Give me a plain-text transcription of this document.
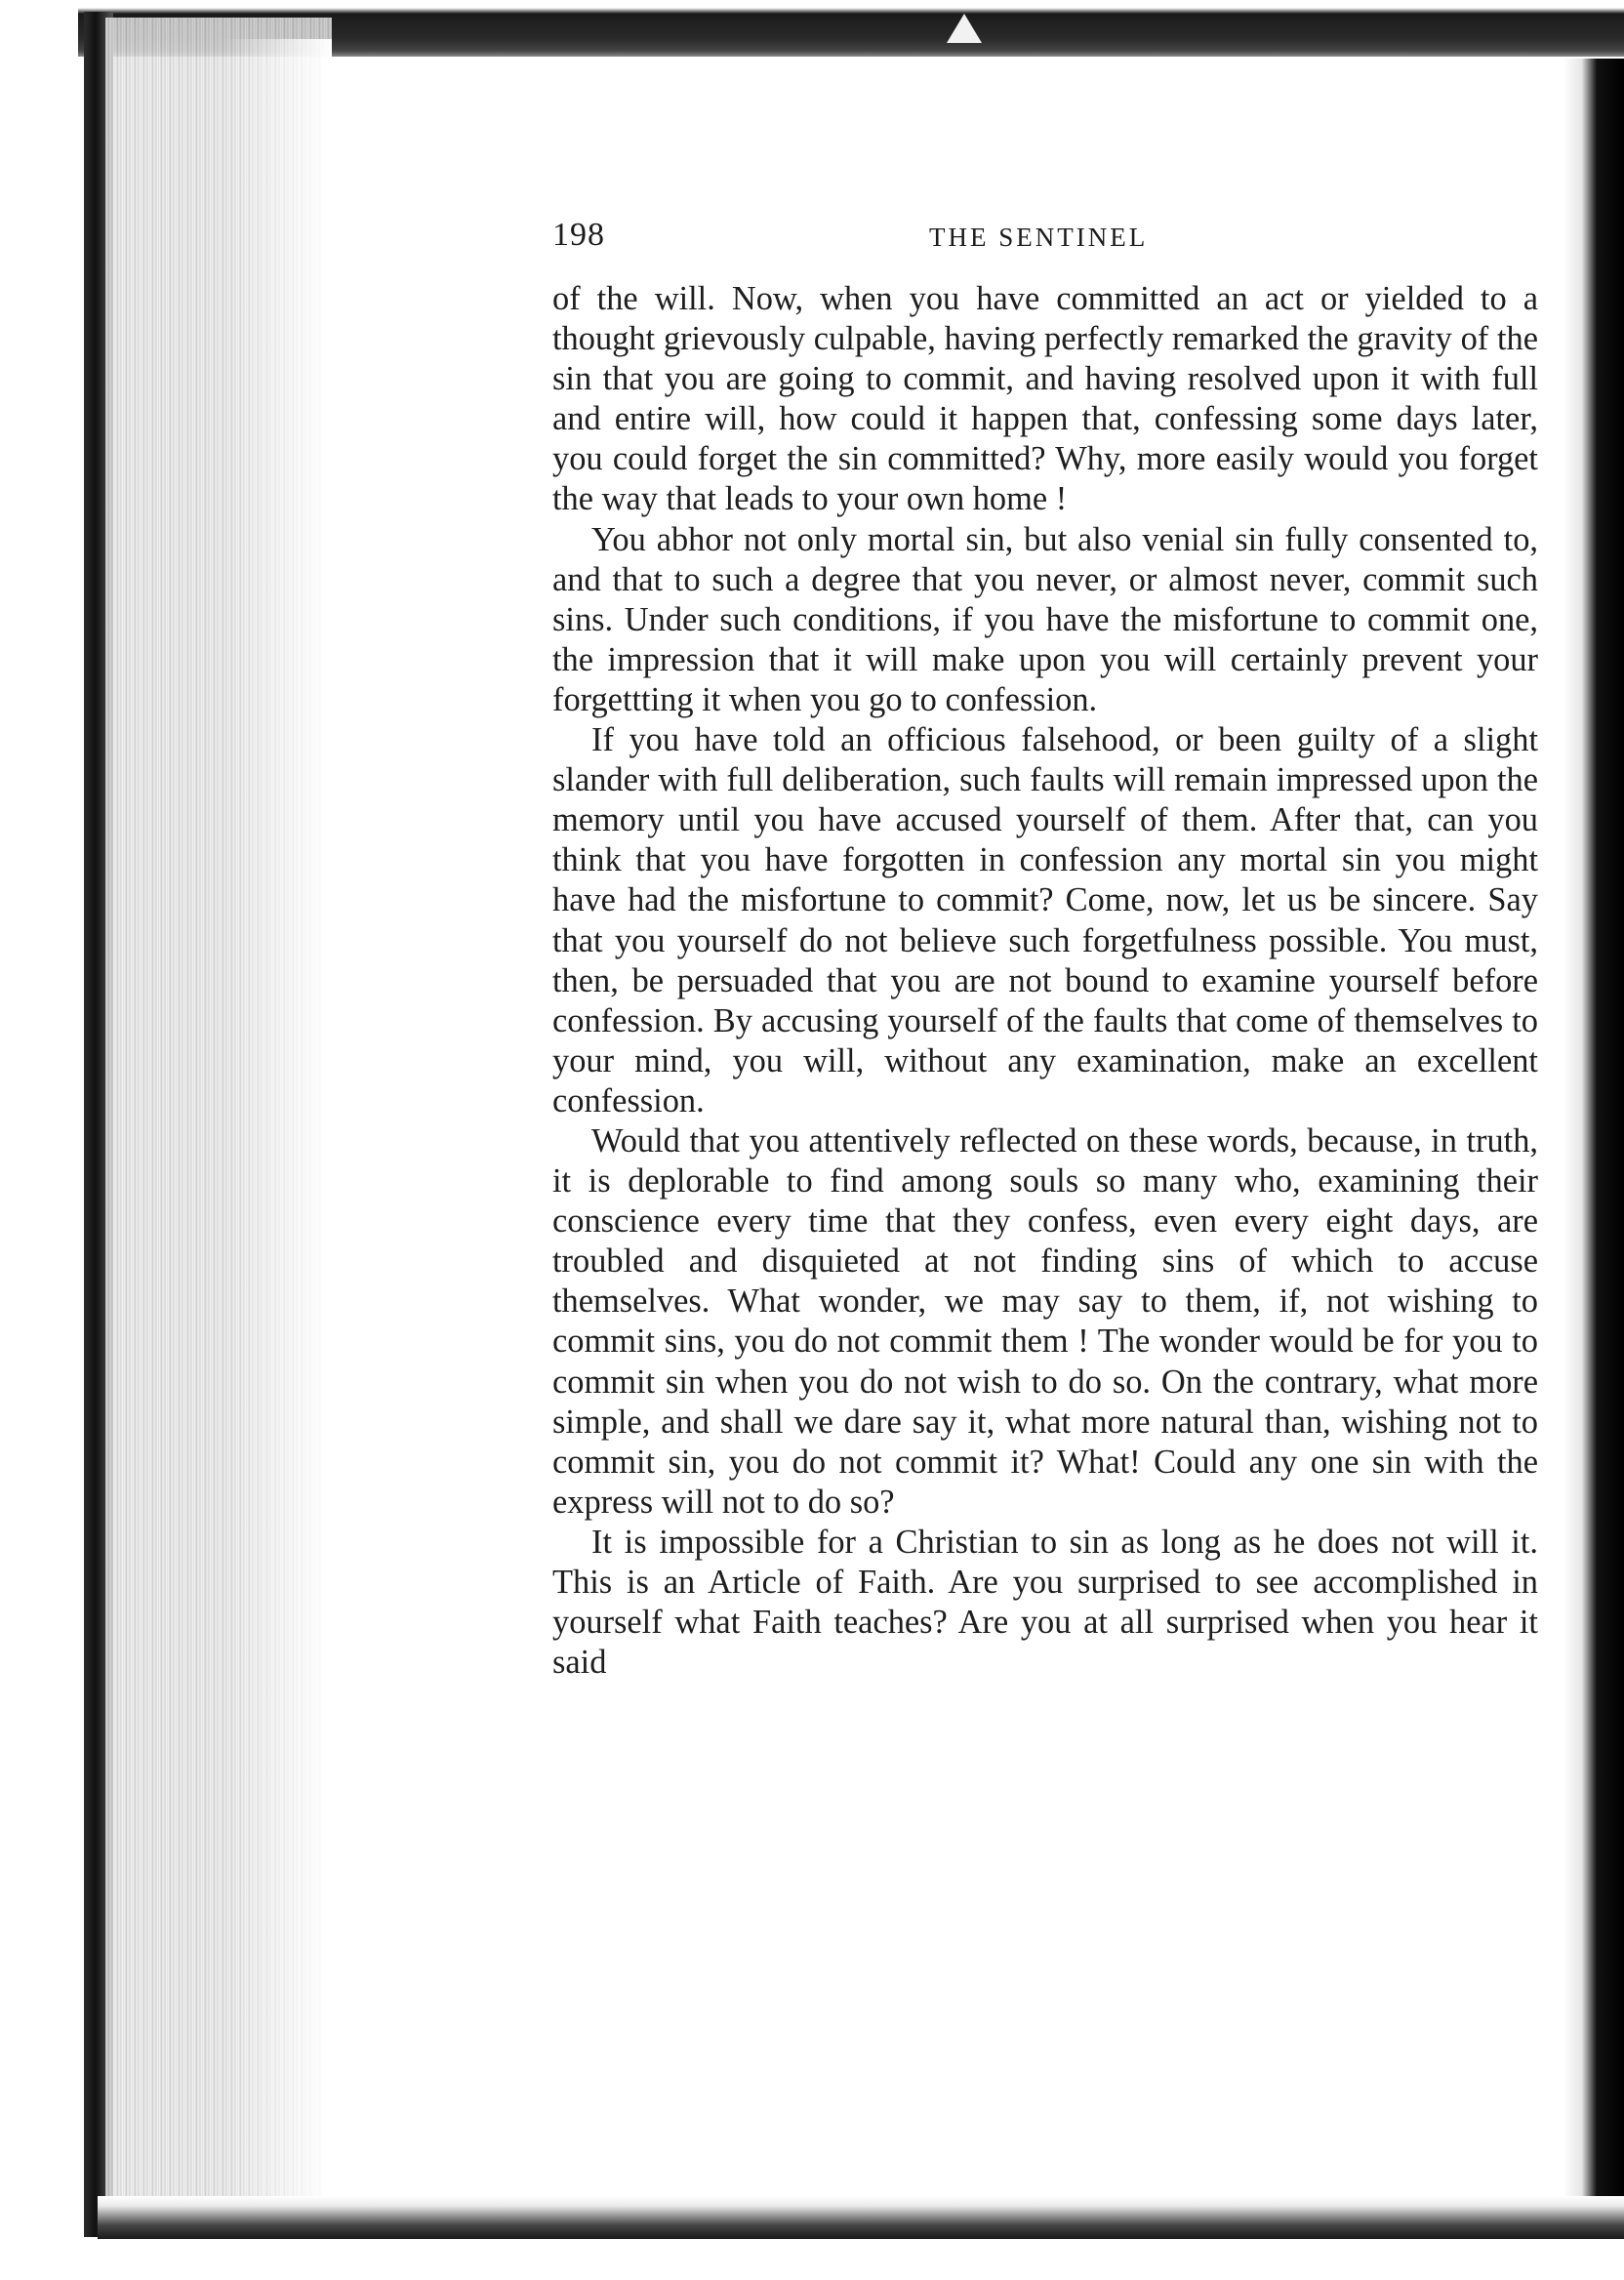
198	THE SENTINEL

of the will. Now, when you have committed an act or yielded to a thought grievously culpable, having perfectly remarked the gravity of the sin that you are going to commit, and having resolved upon it with full and entire will, how could it happen that, confessing some days later, you could forget the sin committed? Why, more easily would you forget the way that leads to your own home !

You abhor not only mortal sin, but also venial sin fully consented to, and that to such a degree that you never, or almost never, commit such sins. Under such conditions, if you have the misfortune to commit one, the impression that it will make upon you will certainly prevent your forgettting it when you go to confession.

If you have told an officious falsehood, or been guilty of a slight slander with full deliberation, such faults will remain impressed upon the memory until you have accused yourself of them. After that, can you think that you have forgotten in confession any mortal sin you might have had the misfortune to commit? Come, now, let us be sincere. Say that you yourself do not believe such forgetfulness possible. You must, then, be persuaded that you are not bound to examine yourself before confession. By accusing yourself of the faults that come of themselves to your mind, you will, without any examination, make an excellent confession.

Would that you attentively reflected on these words, because, in truth, it is deplorable to find among souls so many who, examining their conscience every time that they confess, even every eight days, are troubled and disquieted at not finding sins of which to accuse themselves. What wonder, we may say to them, if, not wishing to commit sins, you do not commit them ! The wonder would be for you to commit sin when you do not wish to do so. On the contrary, what more simple, and shall we dare say it, what more natural than, wishing not to commit sin, you do not commit it? What! Could any one sin with the express will not to do so?

It is impossible for a Christian to sin as long as he does not will it. This is an Article of Faith. Are you surprised to see accomplished in yourself what Faith teaches? Are you at all surprised when you hear it said
